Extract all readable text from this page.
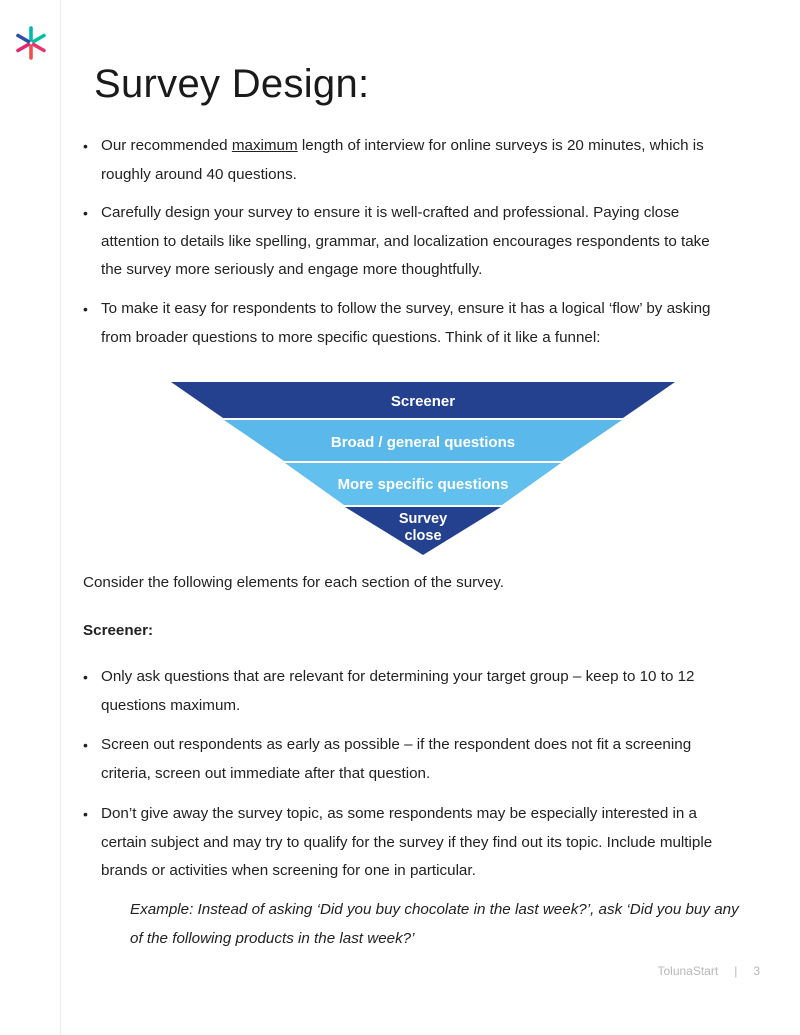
Survey Design:
• Our recommended maximum length of interview for online surveys is 20 minutes, which is roughly around 40 questions.
• Carefully design your survey to ensure it is well-crafted and professional. Paying close attention to details like spelling, grammar, and localization encourages respondents to take the survey more seriously and engage more thoughtfully.
• To make it easy for respondents to follow the survey, ensure it has a logical ‘flow’ by asking from broader questions to more specific questions. Think of it like a funnel:
Screener
Broad / general questions
More specific questions
Survey
close
Consider the following elements for each section of the survey.
Screener:
• Only ask questions that are relevant for determining your target group – keep to 10 to 12 questions maximum.
• Screen out respondents as early as possible – if the respondent does not fit a screening criteria, screen out immediate after that question.
• Don’t give away the survey topic, as some respondents may be especially interested in a certain subject and may try to qualify for the survey if they find out its topic. Include multiple brands or activities when screening for one in particular.
Example: Instead of asking ‘Did you buy chocolate in the last week?’, ask ‘Did you buy any of the following products in the last week?’
TolunaStart | 3
